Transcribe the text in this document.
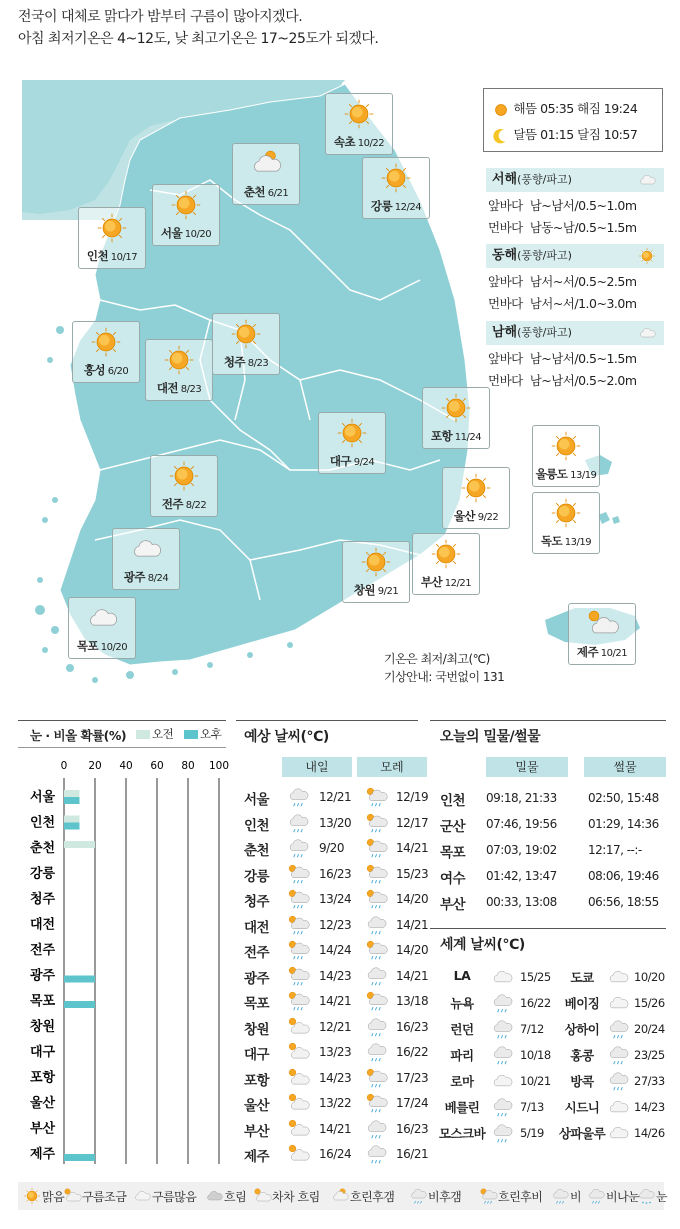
전국이 대체로 맑다가 밤부터 구름이 많아지겠다.
아침 최저기온은 4~12도, 낮 최고기온은 17~25도가 되겠다.
속초 10/22
춘천 6/21
강릉 12/24
서울 10/20
인천 10/17
홍성 6/20
청주 8/23
대전 8/23
포항 11/24
대구 9/24
울릉도 13/19
전주 8/22
울산 9/22
독도 13/19
광주 8/24	부산 12/21
창원 9/21
목포 10/20	제주 10/21
해뜸 05:35 해짐 19:24
달뜸 01:15 달짐 10:57
서해(풍향/파고)
앞바다 남~남서/0.5~1.0m
먼바다 남동~남/0.5~1.5m
동해(풍향/파고)
앞바다 남서~서/0.5~2.5m
먼바다 남서~서/1.0~3.0m
남해(풍향/파고)
앞바다 남~남서/0.5~1.5m
먼바다 남~남서/0.5~2.0m
기온은 최저/최고(℃)
기상안내: 국번없이 131
눈 · 비올 확률(%) 오전 오후
0 20 40 60 80 100
서울
인천
춘천
강릉
청주
대전
전주
광주
목포
창원
대구
포항
울산
부산
제주
예상 날씨(℃)
내일	모레
서울	12/21	12/19
인천	13/20	12/17
춘천	9/20	14/21
강릉	16/23	15/23
청주	13/24	14/20
대전	12/23	14/21
전주	14/24	14/20
광주	14/23	14/21
목포	14/21	13/18
창원	12/21	16/23
대구	13/23	16/22
포항	14/23	17/23
울산	13/22	17/24
부산	14/21	16/23
제주	16/24	16/21
오늘의 밀물/썰물
밀물	썰물
인천 09:18, 21:33	02:50, 15:48
군산 07:46, 19:56	01:29, 14:36
목포 07:03, 19:02	12:17, --:-
여수 01:42, 13:47	08:06, 19:46
부산 00:33, 13:08	06:56, 18:55
세계 날씨(℃)
LA	15/25	도쿄	10/20
뉴욕	16/22	베이징	15/26
런던	7/12	상하이	20/24
파리	10/18	홍콩	23/25
로마	10/21	방콕	27/33
베를린	7/13	시드니	14/23
모스크바	5/19 상파울루	14/26
맑음 구름조금 구름많음 흐림 차차 흐림	흐린후갬	비후갬	흐린후비 비 비나눈 눈
